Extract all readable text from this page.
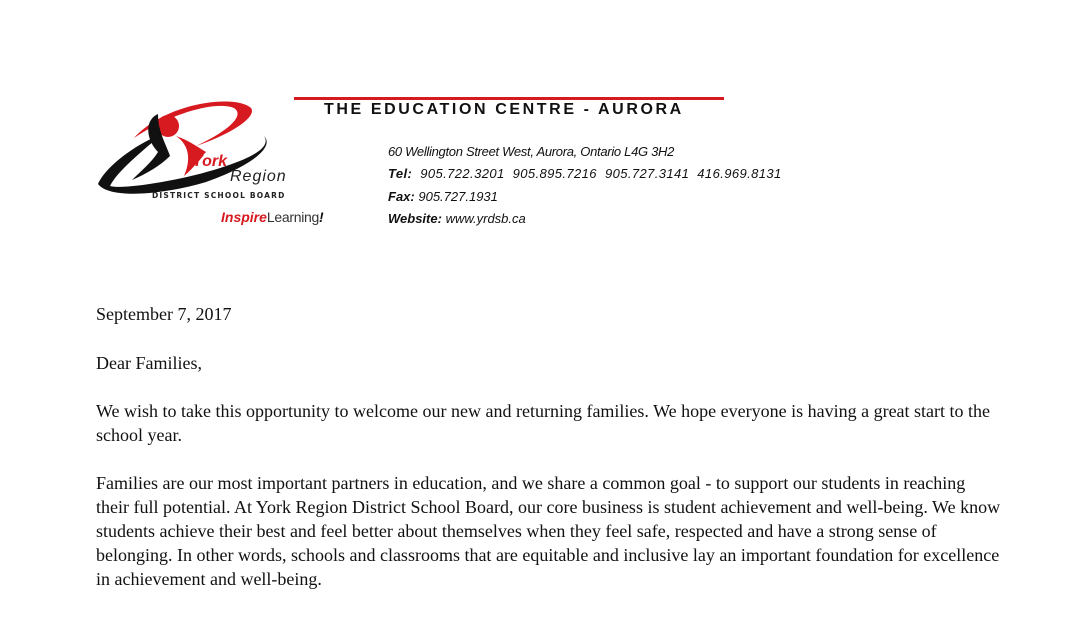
York
Region
DISTRICT SCHOOL BOARD
InspireLearning!
THE EDUCATION CENTRE - AURORA
60 Wellington Street West, Aurora, Ontario L4G 3H2
Tel: 905.722.3201  905.895.7216  905.727.3141  416.969.8131
Fax: 905.727.1931
Website: www.yrdsb.ca
September 7, 2017
Dear Families,
We wish to take this opportunity to welcome our new and returning families. We hope everyone is having a great start to the school year.
Families are our most important partners in education, and we share a common goal - to support our students in reaching their full potential. At York Region District School Board, our core business is student achievement and well-being. We know students achieve their best and feel better about themselves when they feel safe, respected and have a strong sense of belonging. In other words, schools and classrooms that are equitable and inclusive lay an important foundation for excellence in achievement and well-being.
